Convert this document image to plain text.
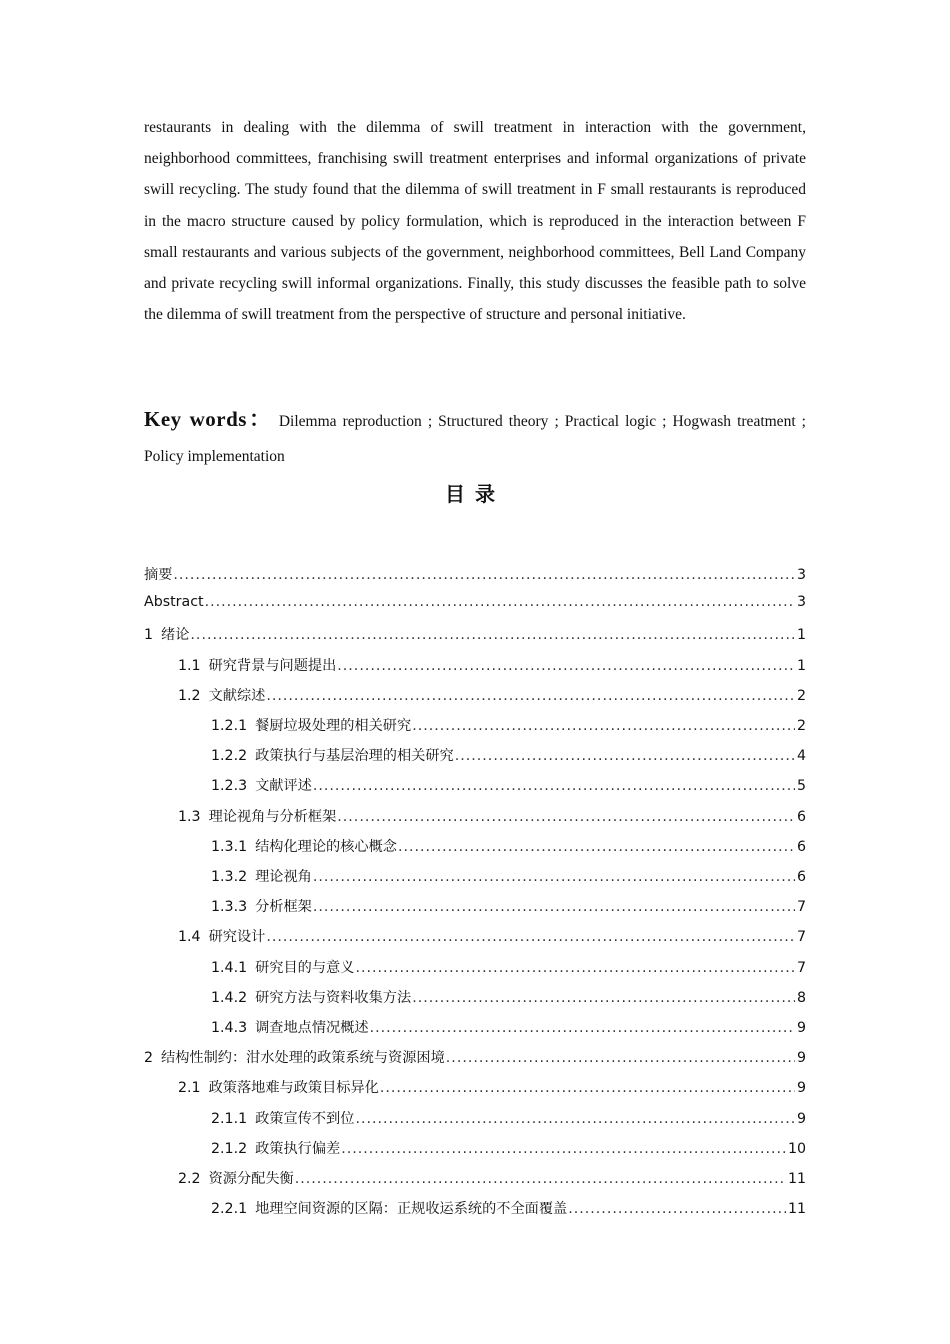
restaurants in dealing with the dilemma of swill treatment in interaction with the government, neighborhood committees, franchising swill treatment enterprises and informal organizations of private swill recycling. The study found that the dilemma of swill treatment in F small restaurants is reproduced in the macro structure caused by policy formulation, which is reproduced in the interaction between F small restaurants and various subjects of the government, neighborhood committees, Bell Land Company and private recycling swill informal organizations. Finally, this study discusses the feasible path to solve the dilemma of swill treatment from the perspective of structure and personal initiative.

Key words： Dilemma reproduction ; Structured theory ; Practical logic ; Hogwash treatment ; Policy implementation

目录
摘要 .....	3
Abstract .....	3
1 绪论 .....	1
1.1 研究背景与问题提出 .....	1
1.2 文献综述 .....	2
1.2.1 餐厨垃圾处理的相关研究 .....	2
1.2.2 政策执行与基层治理的相关研究 .....	4
1.2.3 文献评述 .....	5
1.3 理论视角与分析框架 .....	6
1.3.1 结构化理论的核心概念 .....	6
1.3.2 理论视角 .....	6
1.3.3 分析框架 .....	7
1.4 研究设计 .....	7
1.4.1 研究目的与意义 .....	7
1.4.2 研究方法与资料收集方法 .....	8
1.4.3 调查地点情况概述 .....	9
2 结构性制约：泔水处理的政策系统与资源困境 .....	9
2.1 政策落地难与政策目标异化 .....	9
2.1.1 政策宣传不到位 .....	9
2.1.2 政策执行偏差 .....	10
2.2 资源分配失衡 .....	11
2.2.1 地理空间资源的区隔：正规收运系统的不全面覆盖 .....	11
